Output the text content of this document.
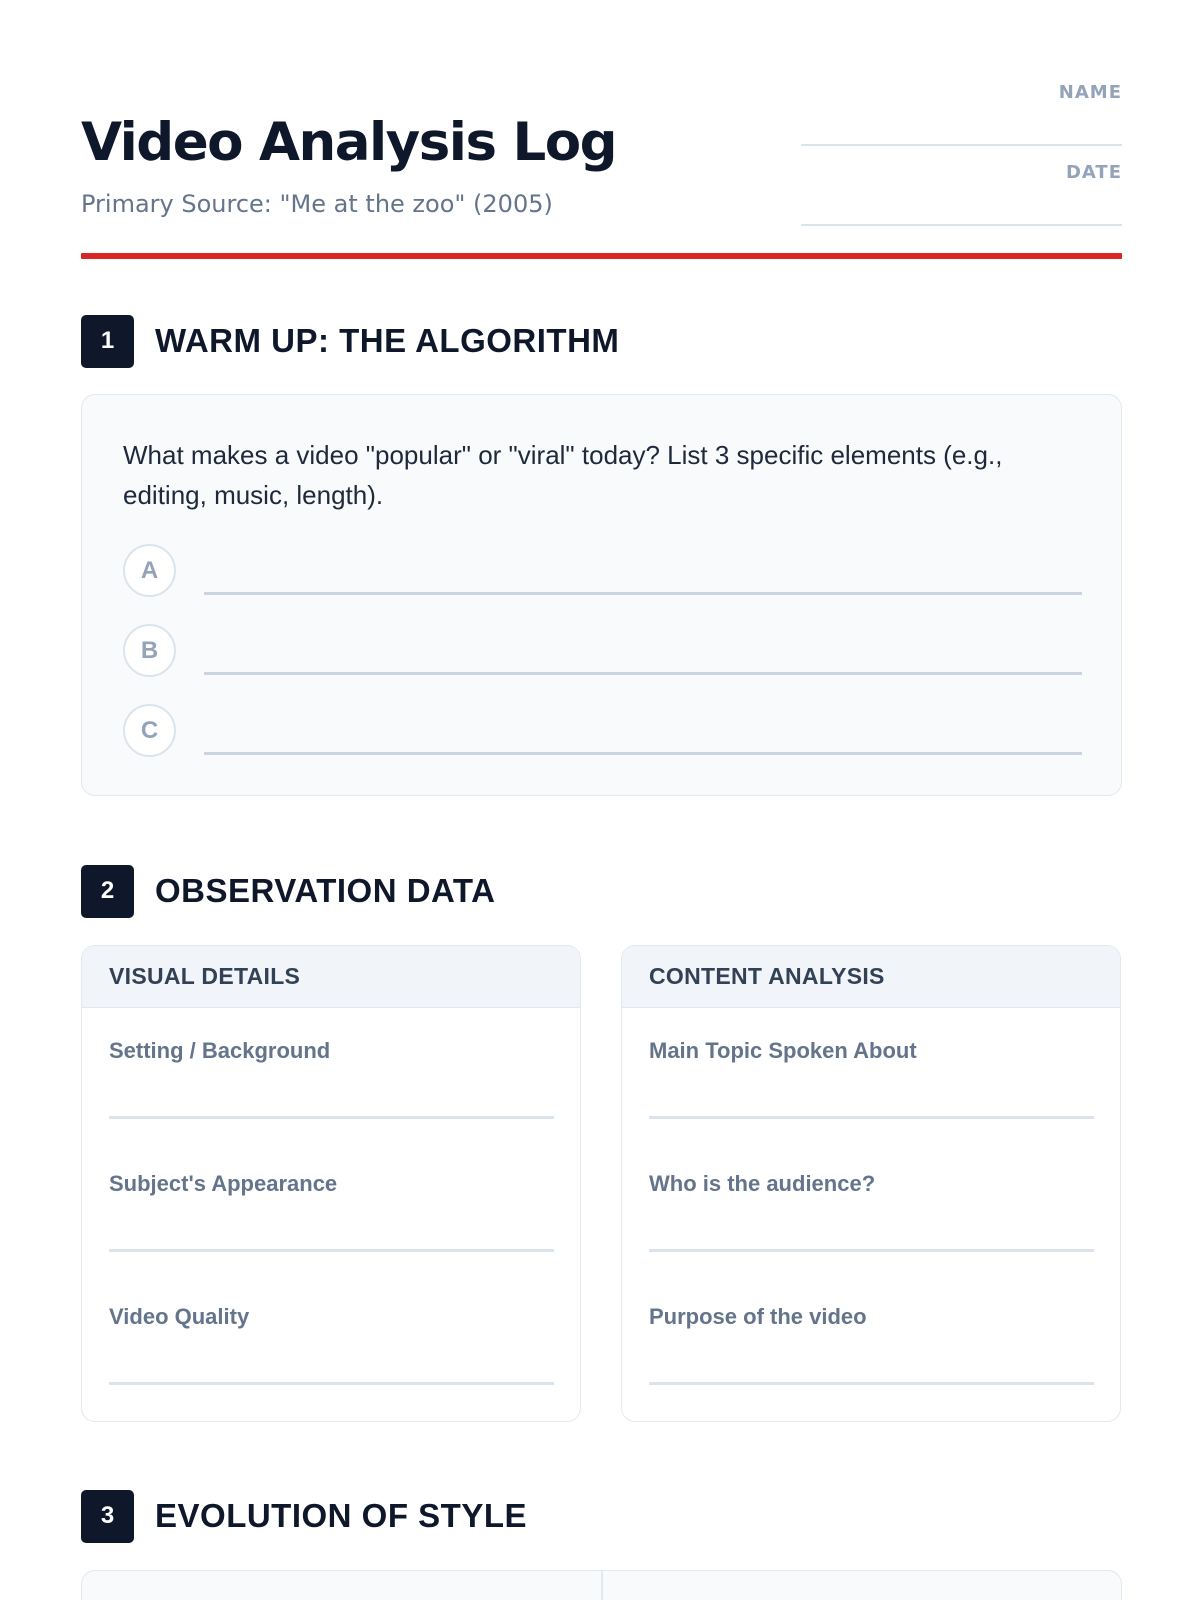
Video Analysis Log
Primary Source: "Me at the zoo" (2005)
NAME
DATE
1	WARM UP: THE ALGORITHM
What makes a video "popular" or "viral" today? List 3 specific elements (e.g., editing, music, length).
A
B
C
2	OBSERVATION DATA
VISUAL DETAILS
Setting / Background
Subject's Appearance
Video Quality
CONTENT ANALYSIS
Main Topic Spoken About
Who is the audience?
Purpose of the video
3	EVOLUTION OF STYLE
